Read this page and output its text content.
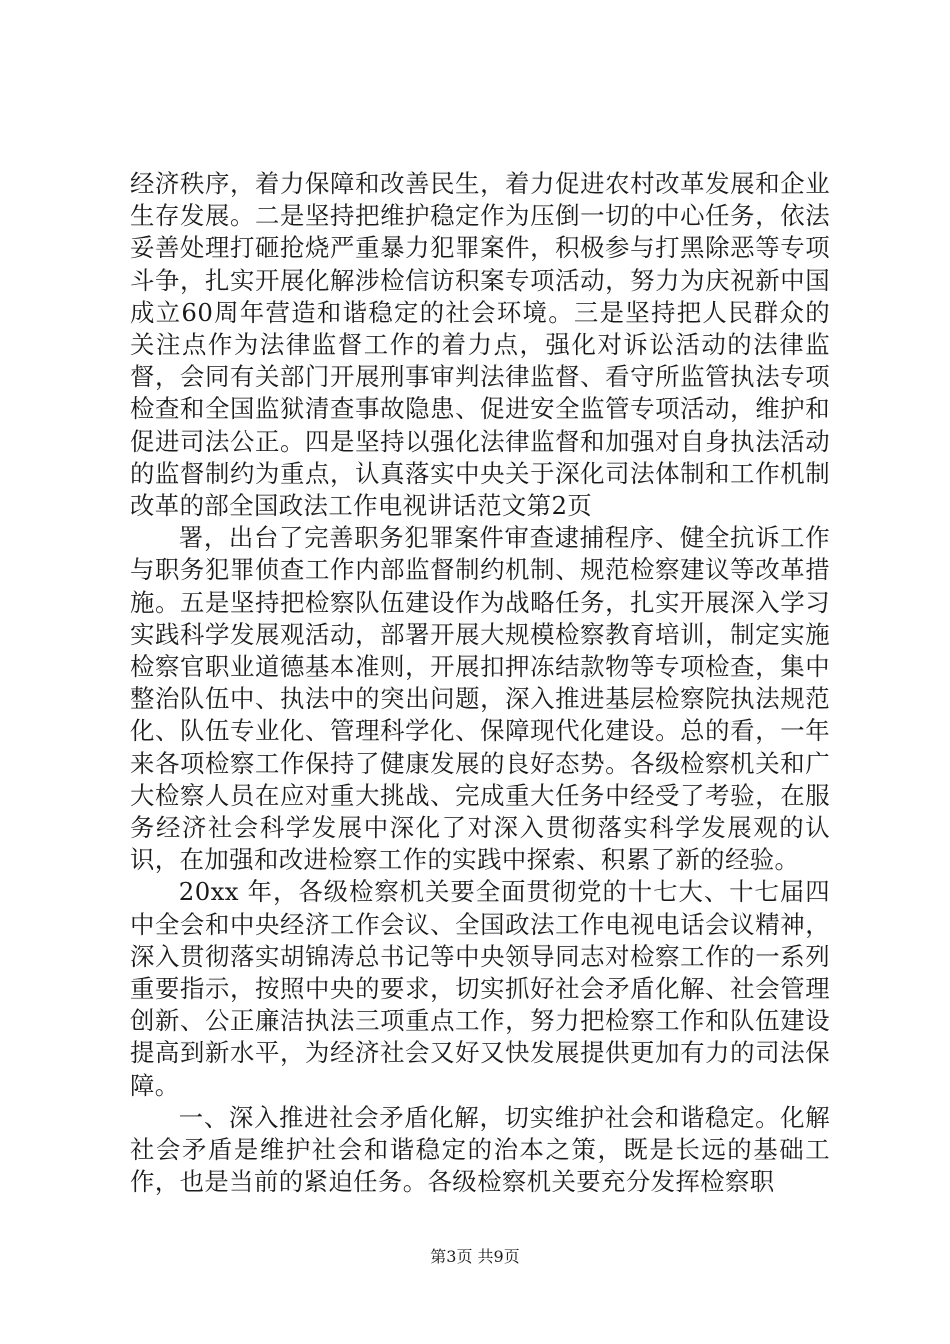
经济秩序，着力保障和改善民生，着力促进农村改革发展和企业生存发展。二是坚持把维护稳定作为压倒一切的中心任务，依法妥善处理打砸抢烧严重暴力犯罪案件，积极参与打黑除恶等专项斗争，扎实开展化解涉检信访积案专项活动，努力为庆祝新中国成立60周年营造和谐稳定的社会环境。三是坚持把人民群众的关注点作为法律监督工作的着力点，强化对诉讼活动的法律监督，会同有关部门开展刑事审判法律监督、看守所监管执法专项检查和全国监狱清查事故隐患、促进安全监管专项活动，维护和促进司法公正。四是坚持以强化法律监督和加强对自身执法活动的监督制约为重点，认真落实中央关于深化司法体制和工作机制改革的部全国政法工作电视讲话范文第2页

署，出台了完善职务犯罪案件审查逮捕程序、健全抗诉工作与职务犯罪侦查工作内部监督制约机制、规范检察建议等改革措施。五是坚持把检察队伍建设作为战略任务，扎实开展深入学习实践科学发展观活动，部署开展大规模检察教育培训，制定实施检察官职业道德基本准则，开展扣押冻结款物等专项检查，集中整治队伍中、执法中的突出问题，深入推进基层检察院执法规范化、队伍专业化、管理科学化、保障现代化建设。总的看，一年来各项检察工作保持了健康发展的良好态势。各级检察机关和广大检察人员在应对重大挑战、完成重大任务中经受了考验，在服务经济社会科学发展中深化了对深入贯彻落实科学发展观的认识，在加强和改进检察工作的实践中探索、积累了新的经验。

20xx 年，各级检察机关要全面贯彻党的十七大、十七届四中全会和中央经济工作会议、全国政法工作电视电话会议精神，深入贯彻落实胡锦涛总书记等中央领导同志对检察工作的一系列重要指示，按照中央的要求，切实抓好社会矛盾化解、社会管理创新、公正廉洁执法三项重点工作，努力把检察工作和队伍建设提高到新水平，为经济社会又好又快发展提供更加有力的司法保障。

一、深入推进社会矛盾化解，切实维护社会和谐稳定。化解社会矛盾是维护社会和谐稳定的治本之策，既是长远的基础工作，也是当前的紧迫任务。各级检察机关要充分发挥检察职

第3页 共9页
